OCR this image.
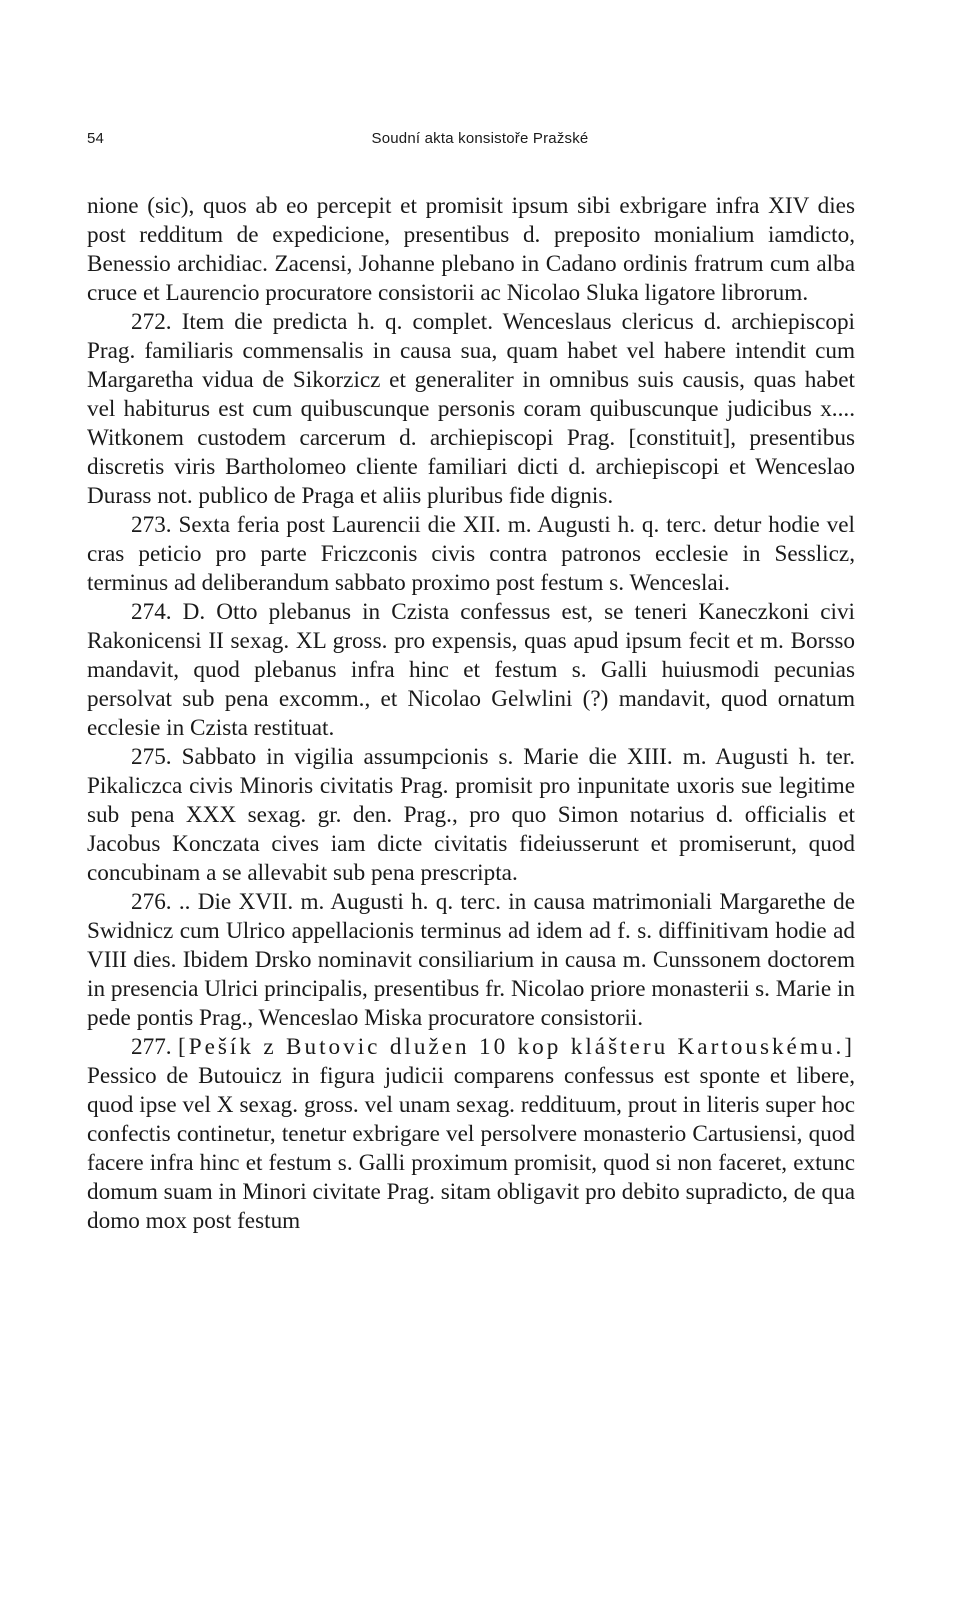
54	Soudní akta konsistoře Pražské

nione (sic), quos ab eo percepit et promisit ipsum sibi exbrigare infra XIV dies post redditum de expedicione, presentibus d. preposito monialium iamdicto, Benessio archidiac. Zacensi, Johanne plebano in Cadano ordinis fratrum cum alba cruce et Laurencio procuratore consistorii ac Nicolao Sluka ligatore librorum.

272. Item die predicta h. q. complet. Wenceslaus clericus d. archiepiscopi Prag. familiaris commensalis in causa sua, quam habet vel habere intendit cum Margaretha vidua de Sikorzicz et generaliter in omnibus suis causis, quas habet vel habiturus est cum quibuscunque personis coram quibuscunque judicibus x.... Witkonem custodem carcerum d. archiepiscopi Prag. [constituit], presentibus discretis viris Bartholomeo cliente familiari dicti d. archiepiscopi et Wenceslao Durass not. publico de Praga et aliis pluribus fide dignis.

273. Sexta feria post Laurencii die XII. m. Augusti h. q. terc. detur hodie vel cras peticio pro parte Friczconis civis contra patronos ecclesie in Sesslicz, terminus ad deliberandum sabbato proximo post festum s. Wenceslai.

274. D. Otto plebanus in Czista confessus est, se teneri Kaneczkoni civi Rakonicensi II sexag. XL gross. pro expensis, quas apud ipsum fecit et m. Borsso mandavit, quod plebanus infra hinc et festum s. Galli huiusmodi pecunias persolvat sub pena excomm., et Nicolao Gelwlini (?) mandavit, quod ornatum ecclesie in Czista restituat.

275. Sabbato in vigilia assumpcionis s. Marie die XIII. m. Augusti h. ter. Pikaliczca civis Minoris civitatis Prag. promisit pro inpunitate uxoris sue legitime sub pena XXX sexag. gr. den. Prag., pro quo Simon notarius d. officialis et Jacobus Konczata cives iam dicte civitatis fideiusserunt et promiserunt, quod concubinam a se allevabit sub pena prescripta.

276. .. Die XVII. m. Augusti h. q. terc. in causa matrimoniali Margarethe de Swidnicz cum Ulrico appellacionis terminus ad idem ad f. s. diffinitivam hodie ad VIII dies. Ibidem Drsko nominavit consiliarium in causa m. Cunssonem doctorem in presencia Ulrici principalis, presentibus fr. Nicolao priore monasterii s. Marie in pede pontis Prag., Wenceslao Miska procuratore consistorii.

277. [Pešík z Butovic dlužen 10 kop klášteru Kartouskému.] Pessico de Butouicz in figura judicii comparens confessus est sponte et libere, quod ipse vel X sexag. gross. vel unam sexag. reddituum, prout in literis super hoc confectis continetur, tenetur exbrigare vel persolvere monasterio Cartusiensi, quod facere infra hinc et festum s. Galli proximum promisit, quod si non faceret, extunc domum suam in Minori civitate Prag. sitam obligavit pro debito supradicto, de qua domo mox post festum
